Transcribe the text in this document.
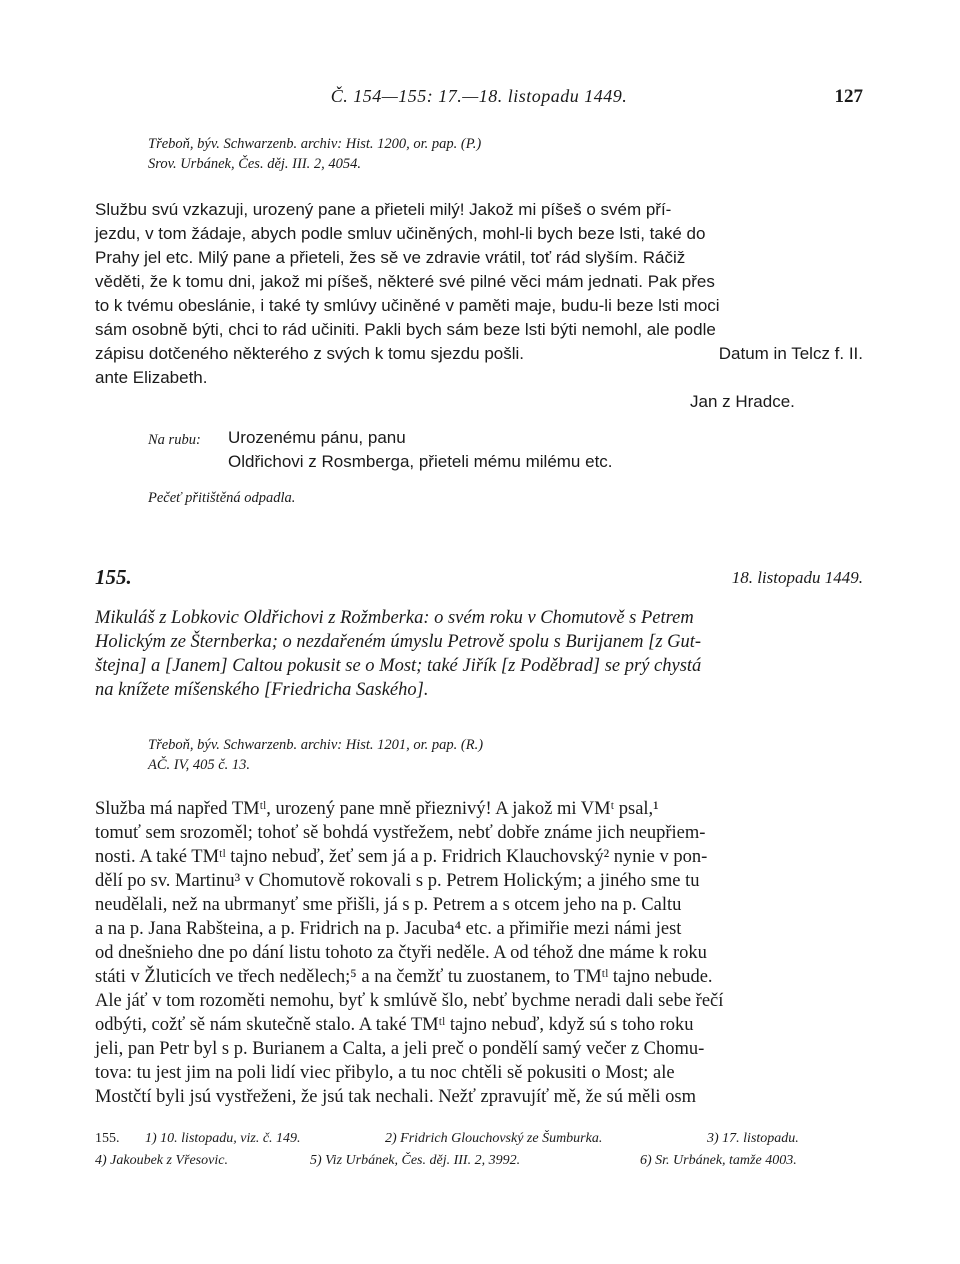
Č. 154—155: 17.—18. listopadu 1449.	127
Třeboň, býv. Schwarzenb. archiv: Hist. 1200, or. pap. (P.)
Srov. Urbánek, Čes. děj. III. 2, 4054.
Službu svú vzkazuji, urozený pane a přieteli milý! Jakož mi píšeš o svém pří-
jezdu, v tom žádaje, abych podle smluv učiněných, mohl-li bych beze lsti, také do
Prahy jel etc. Milý pane a přieteli, žes sě ve zdravie vrátil, toť rád slyším. Ráčiž
věděti, že k tomu dni, jakož mi píšeš, některé své pilné věci mám jednati. Pak přes
to k tvému obeslánie, i také ty smlúvy učiněné v paměti maje, budu-li beze lsti moci
sám osobně býti, chci to rád učiniti. Pakli bych sám beze lsti býti nemohl, ale podle
zápisu dotčeného některého z svých k tomu sjezdu pošli.	Datum in Telcz f. II.
ante Elizabeth.
Jan z Hradce.
Na rubu: Urozenému pánu, panu
Oldřichovi z Rosmberga, přieteli mému milému etc.
Pečeť přitištěná odpadla.
155.	18. listopadu 1449.
Mikuláš z Lobkovic Oldřichovi z Rožmberka: o svém roku v Chomutově s Petrem
Holickým ze Šternberka; o nezdařeném úmyslu Petrově spolu s Burijanem [z Gut-
štejna] a [Janem] Caltou pokusit se o Most; také Jiřík [z Poděbrad] se prý chystá
na knížete míšenského [Friedricha Saského].
Třeboň, býv. Schwarzenb. archiv: Hist. 1201, or. pap. (R.)
AČ. IV, 405 č. 13.
Služba má napřed TMᵗˡ, urozený pane mně přieznivý! A jakož mi VMᵗ psal,¹
tomuť sem srozoměl; tohoť sě bohdá vystřežem, nebť dobře známe jich neupřiem-
nosti. A také TMᵗˡ tajno nebuď, žeť sem já a p. Fridrich Klauchovský² nynie v pon-
dělí po sv. Martinu³ v Chomutově rokovali s p. Petrem Holickým; a jiného sme tu
neudělali, než na ubrmanyť sme přišli, já s p. Petrem a s otcem jeho na p. Caltu
a na p. Jana Rabšteina, a p. Fridrich na p. Jacuba⁴ etc. a přimiřie mezi námi jest
od dnešnieho dne po dání listu tohoto za čtyři neděle. A od téhož dne máme k roku
státi v Žluticích ve třech nedělech;⁵ a na čemžť tu zuostanem, to TMᵗˡ tajno nebude.
Ale jáť v tom rozoměti nemohu, byť k smlúvě šlo, nebť bychme neradi dali sebe řečí
odbýti, cožť sě nám skutečně stalo. A také TMᵗˡ tajno nebuď, když sú s toho roku
jeli, pan Petr byl s p. Burianem a Calta, a jeli preč o pondělí samý večer z Chomu-
tova: tu jest jim na poli lidí viec přibylo, a tu noc chtěli sě pokusiti o Most; ale
Mostčtí byli jsú vystřeženi, že jsú tak nechali. Nežť zpravujíť mě, že sú měli osm
155. 1) 10. listopadu, viz. č. 149.	2) Fridrich Glouchovský ze Šumburka.	3) 17. listopadu.
4) Jakoubek z Vřesovic.	5) Viz Urbánek, Čes. děj. III. 2, 3992.	6) Sr. Urbánek, tamže 4003.
